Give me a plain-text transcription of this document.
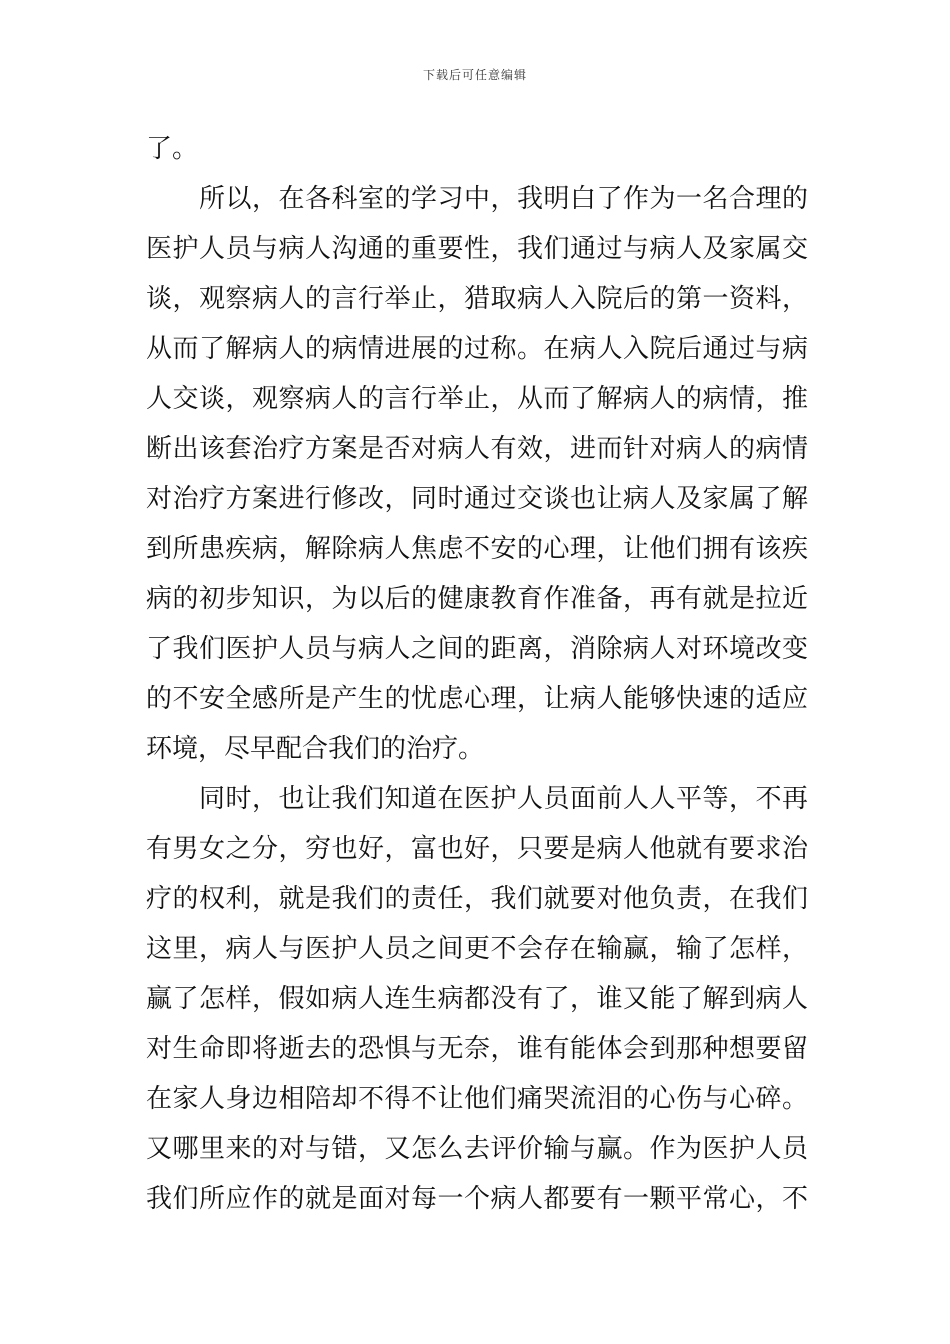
下载后可任意编辑
了。
所以，在各科室的学习中，我明白了作为一名合理的
医护人员与病人沟通的重要性，我们通过与病人及家属交
谈，观察病人的言行举止，猎取病人入院后的第一资料，
从而了解病人的病情进展的过称。在病人入院后通过与病
人交谈，观察病人的言行举止，从而了解病人的病情，推
断出该套治疗方案是否对病人有效，进而针对病人的病情
对治疗方案进行修改，同时通过交谈也让病人及家属了解
到所患疾病，解除病人焦虑不安的心理，让他们拥有该疾
病的初步知识，为以后的健康教育作准备，再有就是拉近
了我们医护人员与病人之间的距离，消除病人对环境改变
的不安全感所是产生的忧虑心理，让病人能够快速的适应
环境，尽早配合我们的治疗。
同时，也让我们知道在医护人员面前人人平等，不再
有男女之分，穷也好，富也好，只要是病人他就有要求治
疗的权利，就是我们的责任，我们就要对他负责，在我们
这里，病人与医护人员之间更不会存在输赢，输了怎样，
赢了怎样，假如病人连生病都没有了，谁又能了解到病人
对生命即将逝去的恐惧与无奈，谁有能体会到那种想要留
在家人身边相陪却不得不让他们痛哭流泪的心伤与心碎。
又哪里来的对与错，又怎么去评价输与赢。作为医护人员
我们所应作的就是面对每一个病人都要有一颗平常心，不
